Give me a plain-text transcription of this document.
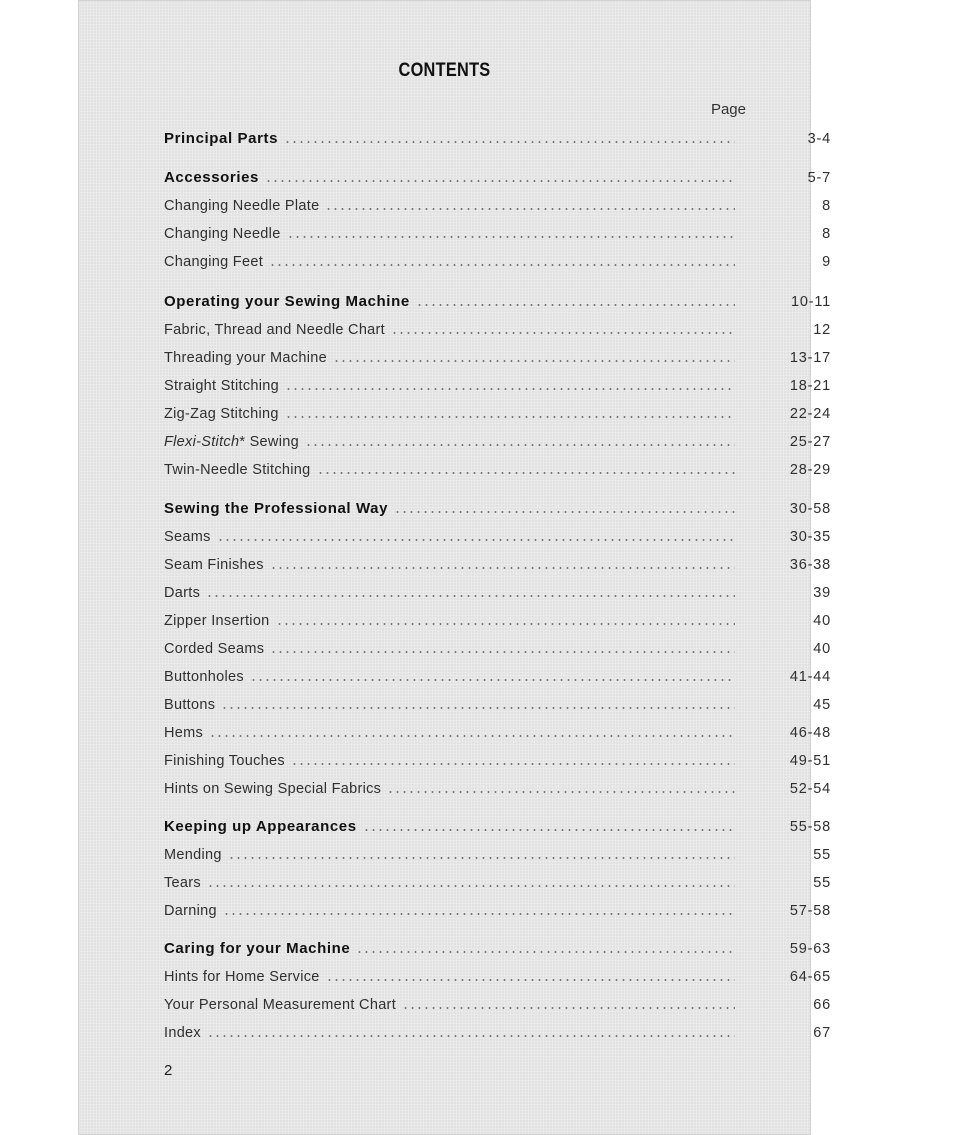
CONTENTS
Page
Principal Parts	3-4
Accessories	5-7
Changing Needle Plate	8
Changing Needle	8
Changing Feet	9
Operating your Sewing Machine	10-11
Fabric, Thread and Needle Chart	12
Threading your Machine	13-17
Straight Stitching	18-21
Zig-Zag Stitching	22-24
Flexi-Stitch* Sewing	25-27
Twin-Needle Stitching	28-29
Sewing the Professional Way	30-58
Seams	30-35
Seam Finishes	36-38
Darts	39
Zipper Insertion	40
Corded Seams	40
Buttonholes	41-44
Buttons	45
Hems	46-48
Finishing Touches	49-51
Hints on Sewing Special Fabrics	52-54
Keeping up Appearances	55-58
Mending	55
Tears	55
Darning	57-58
Caring for your Machine	59-63
Hints for Home Service	64-65
Your Personal Measurement Chart	66
Index	67
2
